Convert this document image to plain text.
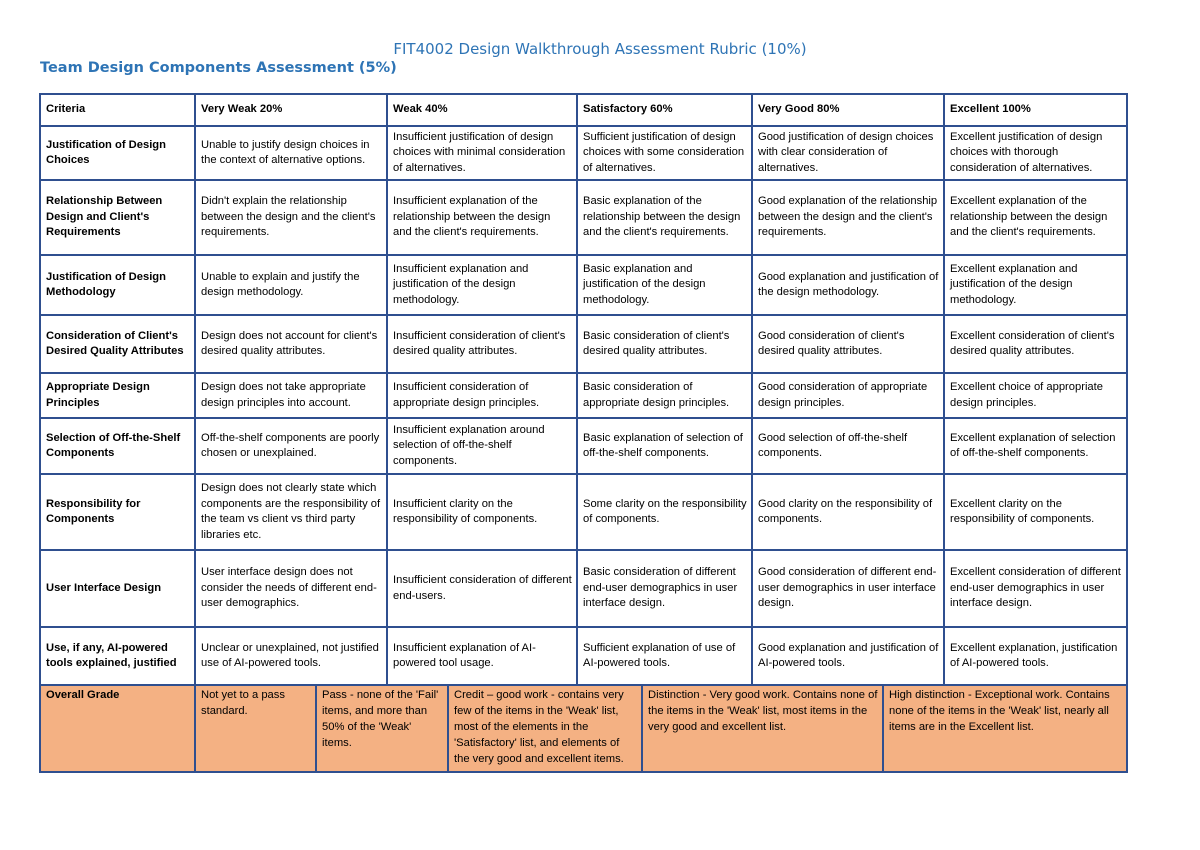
FIT4002 Design Walkthrough Assessment Rubric (10%)
Team Design Components Assessment (5%)
Criteria	Very Weak 20%	Weak 40%	Satisfactory 60%	Very Good 80%	Excellent 100%
Justification of Design Choices	Unable to justify design choices in the context of alternative options.	Insufficient justification of design choices with minimal consideration of alternatives.	Sufficient justification of design choices with some consideration of alternatives.	Good justification of design choices with clear consideration of alternatives.	Excellent justification of design choices with thorough consideration of alternatives.
Relationship Between Design and Client's Requirements	Didn't explain the relationship between the design and the client's requirements.	Insufficient explanation of the relationship between the design and the client's requirements.	Basic explanation of the relationship between the design and the client's requirements.	Good explanation of the relationship between the design and the client's requirements.	Excellent explanation of the relationship between the design and the client's requirements.
Justification of Design Methodology	Unable to explain and justify the design methodology.	Insufficient explanation and justification of the design methodology.	Basic explanation and justification of the design methodology.	Good explanation and justification of the design methodology.	Excellent explanation and justification of the design methodology.
Consideration of Client's Desired Quality Attributes	Design does not account for client's desired quality attributes.	Insufficient consideration of client's desired quality attributes.	Basic consideration of client's desired quality attributes.	Good consideration of client's desired quality attributes.	Excellent consideration of client's desired quality attributes.
Appropriate Design Principles	Design does not take appropriate design principles into account.	Insufficient consideration of appropriate design principles.	Basic consideration of appropriate design principles.	Good consideration of appropriate design principles.	Excellent choice of appropriate design principles.
Selection of Off-the-Shelf Components	Off-the-shelf components are poorly chosen or unexplained.	Insufficient explanation around selection of off-the-shelf components.	Basic explanation of selection of off-the-shelf components.	Good selection of off-the-shelf components.	Excellent explanation of selection of off-the-shelf components.
Responsibility for Components	Design does not clearly state which components are the responsibility of the team vs client vs third party libraries etc.	Insufficient clarity on the responsibility of components.	Some clarity on the responsibility of components.	Good clarity on the responsibility of components.	Excellent clarity on the responsibility of components.
User Interface Design	User interface design does not consider the needs of different end-user demographics.	Insufficient consideration of different end-users.	Basic consideration of different end-user demographics in user interface design.	Good consideration of different end-user demographics in user interface design.	Excellent consideration of different end-user demographics in user interface design.
Use, if any, AI-powered tools explained, justified	Unclear or unexplained, not justified use of AI-powered tools.	Insufficient explanation of AI-powered tool usage.	Sufficient explanation of use of AI-powered tools.	Good explanation and justification of AI-powered tools.	Excellent explanation, justification of AI-powered tools.
Overall Grade	Not yet to a pass standard.	Pass - none of the 'Fail' items, and more than 50% of the 'Weak' items.	Credit – good work - contains very few of the items in the 'Weak' list, most of the elements in the 'Satisfactory' list, and elements of the very good and excellent items.	Distinction - Very good work. Contains none of the items in the 'Weak' list, most items in the very good and excellent list.	High distinction - Exceptional work. Contains none of the items in the 'Weak' list, nearly all items are in the Excellent list.
